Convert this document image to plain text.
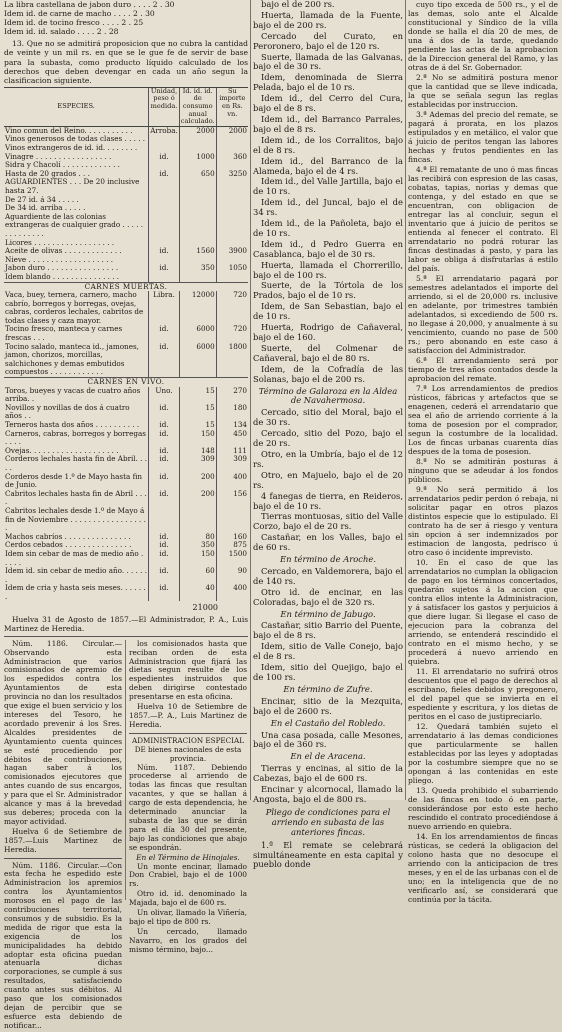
La libra castellana de jabon duro . . . . 2 . 30
Idem id. de carne de macho . . . . 2 . 30
Idem id. de tocino fresco . . . . 2 . 25
Idem id. id. salado . . . . 2 . 28

13. Que no se admitirá proposicion que no cubra la cantidad de veinte y un mil rs. en que se le gue fe de servir de base para la subasta, como producto líquido calculado de los derechos que deben devengar en cada un año segun la clasificacion siguiente.

ESPECIES.	Unidad, peso ó medida.	Id. id. id. de consumo anual calculado.	Su importe en Rs. vn.
Vino comun del Reino. . . . . . . . . . .	Arroba.	2000	2000
Vinos generosos de todas clases . . . . .			
Vinos extrangeros de id. id. . . . . . . .			
Vinagre . . . . . . . . . . . . . . . . .	id.	1000	360
Sidra y Chacolí . . . . . . . . . . . . .			
Hasta de 20 grados . . .	id.	650	3250
AGUARDIENTES . . . De 20 inclusive hasta 27.			
De 27 id. á 34 . . . . .			
De 34 id. arriba . . . . .			
Aguardiente de las colonias extrangeras de cualquier grado . . . . . . . . . . . . . .			
Licores . . . . . . . . . . . . . . . . . .			
Aceite de olivas . . . . . . . . . . . . .	id.	1560	3900
Nieve . . . . . . . . . . . . . . . . . . .			
Jabon duro . . . . . . . . . . . . . . . .	id.	350	1050
Idem blando . . . . . . . . . . . . . . .			
CARNES MUERTAS.			
Vaca, buey, ternera, carnero, macho cabrío, borregos y borregas, ovejas, cabras, corderos lechales, cabritos de todas clases y caza mayor.	Libra.	12000	720
Tocino fresco, manteca y carnes frescas . . .	id.	6000	720
Tocino salado, manteca id., jamones, jamon, chorizos, morcillas, salchichones y demas embutidos compuestos . . . . . . . . . . . .	id.	6000	1800
CARNES EN VIVO.			
Toros, bueyes y vacas de cuatro años arriba. .	Uno.	15	270
Novillos y novillas de dos á cuatro años . .	id.	15	180
Terneros hasta dos años . . . . . . . . . .	id.	15	134
Carneros, cabras, borregos y borregas . . . .	id.	150	450
Ovejas. . . . . . . . . . . . . . . . . . . .	id.	148	111
Corderos lechales hasta fin de Abril. . . . .	id.	309	309
Corderos desde 1.º de Mayo hasta fin de Junio.	id.	200	400
Cabritos lechales hasta fin de Abril . . . .	id.	200	156
Cabritos lechales desde 1.º de Mayo á fin de Noviembre . . . . . . . . . . . . . . . . . .			
Machos cabríos . . . . . . . . . . . . . . .	id.	80	160
Cerdos cebados . . . . . . . . . . . . . . .	id.	350	875
Idem sin cebar de mas de medio año . . . . .	id.	150	1500
Idem id. sin cebar de medio año. . . . . . .	id.	60	90
Idem de cria y hasta seis meses. . . . . . .	id.	40	400
21000

Huelva 31 de Agosto de 1857.—El Administrador, P. A., Luis Martinez de Heredia.

Núm. 1186. Circular.—Observando esta Administracion que varios comisionados de apremio de los espedidos contra los Ayuntamientos de esta provincia no dan los resultados que exige el buen servicio y los intereses del Tesoro, he acordado prevenir á los Sres. Alcaldes presidentes de Ayuntamiento cuenta quinces se esté procediendo por débitos de contribuciones, hagan saber á los comisionados ejecutores que antes cuando de sus encargos, y para que el Sr. Administrador alcance y mas á la brevedad sus deberes; proceda con la mayor actividad.

Huelva 6 de Setiembre de 1857.—Luis Martinez de Heredia.

Núm. 1186. Circular.—Con esta fecha he espedido este Administracion los apremios contra los Ayuntamientos morosos en el pago de las contribuciones territorial, consumos y de subsidio. Es la medida de rigor que esta la exigencia de los municipalidades ha debido adoptar esta oficina puedan atenuarla dichas corporaciones, se cumple á sus resultados, satisfaciendo cuanto antes sus débitos. Al paso que los comisionados dejan de percibir que se esfuerce esta debiendo de notificar...

los comisionados hasta que reciban orden de esta Administracion que fijará las dietas segun resulte de los espedientes instruidos que deben dirigirse contestado presentarse en esta oficina.

Huelva 10 de Setiembre de 1857.—P. A., Luis Martinez de Heredia.

ADMINISTRACION ESPECIAL DE bienes nacionales de esta provincia.

Núm. 1187. Debiendo procederse al arriendo de todas las fincas que resultan vacantes, y que se hallan á cargo de esta dependencia, he determinado anunciar la subasta de las que se dirán para el día 30 del presente, bajo las condiciones que abajo se espondrán.

En el Término de Hinojales.

Un monte encinar, llamado Don Crabiel, bajo el de 1000 rs.

Otro id. id. denominado la Majada, bajo el de 600 rs.

Un olivar, llamado la Viñería, bajo el tipo de 800 rs.

Un cercado, llamado Navarro, en los grados del mismo término, bajo...

bajo el de 200 rs.

Huerta, llamada de la Fuente, bajo el de 200 rs.

Cercado del Curato, en Peroronero, bajo el de 120 rs.

Suerte, llamada de las Galvanas, bajo el de 30 rs.

Idem, denominada de Sierra Pelada, bajo el de 10 rs.

Idem id., del Cerro del Cura, bajo el de 8 rs.

Idem id., del Barranco Parrales, bajo el de 8 rs.

Idem id., de los Corralitos, bajo el de 8 rs.

Idem id., del Barranco de la Alameda, bajo el de 4 rs.

Idem id., del Valle Jartilla, bajo el de 10 rs.

Idem id., del Juncal, bajo el de 34 rs.

Idem id., de la Pañoleta, bajo el de 10 rs.

Idem id., d Pedro Guerra en Casablanca, bajo el de 30 rs.

Huerta, llamada el Chorrerillo, bajo el de 100 rs.

Suerte, de la Tórtola de los Prados, bajo el de 10 rs.

Idem, de San Sebastian, bajo el de 10 rs.

Huerta, Rodrigo de Cañaveral, bajo el de 160.

Suerte, del Colmenar de Cañaveral, bajo el de 80 rs.

Idem, de la Cofradía de las Solanas, bajo el de 200 rs.

Término de Galaroza en la Aldea de Navahermosa.

Cercado, sitio del Moral, bajo el de 30 rs.

Cercado, sitio del Pozo, bajo el de 20 rs.

Otro, en la Umbría, bajo el de 12 rs.

Otro, en Majuelo, bajo el de 20 rs.

4 fanegas de tierra, en Reideros, bajo el de 10 rs.

Tierras montuosas, sitio del Valle Corzo, bajo el de 20 rs.

Castañar, en los Valles, bajo el de 60 rs.

En término de Aroche.

Cercado, en Valdemorera, bajo el de 140 rs.

Otro id. de encinar, en las Coloradas, bajo el de 320 rs.

En término de Jabugo.

Castañar, sitio Barrio del Puente, bajo el de 8 rs.

Idem, sitio de Valle Conejo, bajo el de 8 rs.

Idem, sitio del Quejigo, bajo el de 100 rs.

En término de Zufre.

Encinar, sitio de la Mezquita, bajo el de 2600 rs.

En el Castaño del Robledo.

Una casa posada, calle Mesones, bajo el de 360 rs.

En el de Aracena.

Tierras y encinas, al sitio de la Cabezas, bajo el de 600 rs.

Encinar y alcornocal, llamado la Angosta, bajo el de 800 rs.

Pliego de condiciones para el arriendo en subasta de las anteriores fincas.

1.ª El remate se celebrará simultáneamente en esta capital y pueblo donde

cuyo tipo exceda de 500 rs., y el de las demas, solo ante el Alcalde constitucional y Síndico de la villa donde se halla el día 20 de mes, de una á dos de la tarde, quedando pendiente las actas de la aprobacion de la Direccion general del Ramo, y las otras de á del Sr. Gobernador.

2.ª No se admitirá postura menor que la cantidad que se lleve indicada, la que se señala segun las reglas establecidas por instruccion.

3.ª Ademas del precio del remate, se pagará á prorata, en los plazos estipulados y en metálico, el valor que á juicio de peritos tengan las labores hechas y frutos pendientes en las fincas.

4.ª El rematante de uno ó mas fincas las recibirá con espresion de las casas, cobatas, tapias, norias y demas que contenga, y del estado en que se encuentran, con obligacion de entregar las al concluir, segun el inventario que á juicio de peritos se entienda al fenecer el contrato. El arrendatario no podrá roturar las fincas destinadas á pasto, y para las labor se obliga á disfrutarlas á estilo del país.

5.ª El arrendatario pagará por semestres adelantados el importe del arriendo, si el de 20,000 rs. inclusive en adelante, por trimestres también adelantados, si excediendo de 500 rs. no llegase á 20,000, y anualmente á su vencimiento, cuando no pase de 500 rs.; pero abonando en este caso á satisfaccion del Administrador.

6.ª El arrendamiento será por tiempo de tres años contados desde la aprobacion del remate.

7.ª Los arrendamientos de predios rústicos, fábricas y artefactos que se enagenen, cederá el arrendatario que sea el año de arriendo corriente á la toma de posesion por el comprador, segun la costumbre de la localidad. Los de fincas urbanas cuarenta días despues de la toma de posesion.

8.ª No se admitirán posturas á ninguno que se adeudar á los fondos públicos.

9.ª No será permitido á los arrendatarios pedir perdon ó rebaja, ni solicitar pagar en otros plazos distintos especie que lo estipulado. El contrato ha de ser á riesgo y ventura sin opcion á ser indemnizados por estimacion de langosta, pedrisco ú otro caso ó incidente imprevisto.

10. En el caso de que las arrendatarios no cumplan la obligacion de pago en los términos concertados, quedarán sujetos á la accion que contra ellos intente la Administracion, y á satisfacer los gastos y perjuicios á que diere lugar. Si llegase el caso de ejecucion para la cobranza del arriendo, se entenderá rescindido el contrato en el mismo hecho, y se procederá á nuevo arriendo en quiebra.

11. El arrendatario no sufrirá otros descuentos que el pago de derechos al escribano, fieles debidos y pregonero, el del papel que se invierta en el espediente y escritura, y los dietas de peritos en el caso de justipreciarlo.

12. Quedará también sujeto el arrendatario á las demas condiciones que particularmente se hallen establecidas por las leyes y adoptadas por la costumbre siempre que no se opongan á las contenidas en este pliego.

13. Queda prohibido el subarriendo de las fincas en todo ó en parte, considerándose por esto este hecho rescindido el contrato procediéndose á nuevo arriendo en quiebra.

14. En los arrendamientos de fincas rústicas, se cederá la obligacion del colono hasta que no desocupe el arriendo con la anticipacion de tres meses, y en el de las urbanas con el de uno; en la inteligencia que de no verificarlo así, se considerará que continúa por la tácita.
